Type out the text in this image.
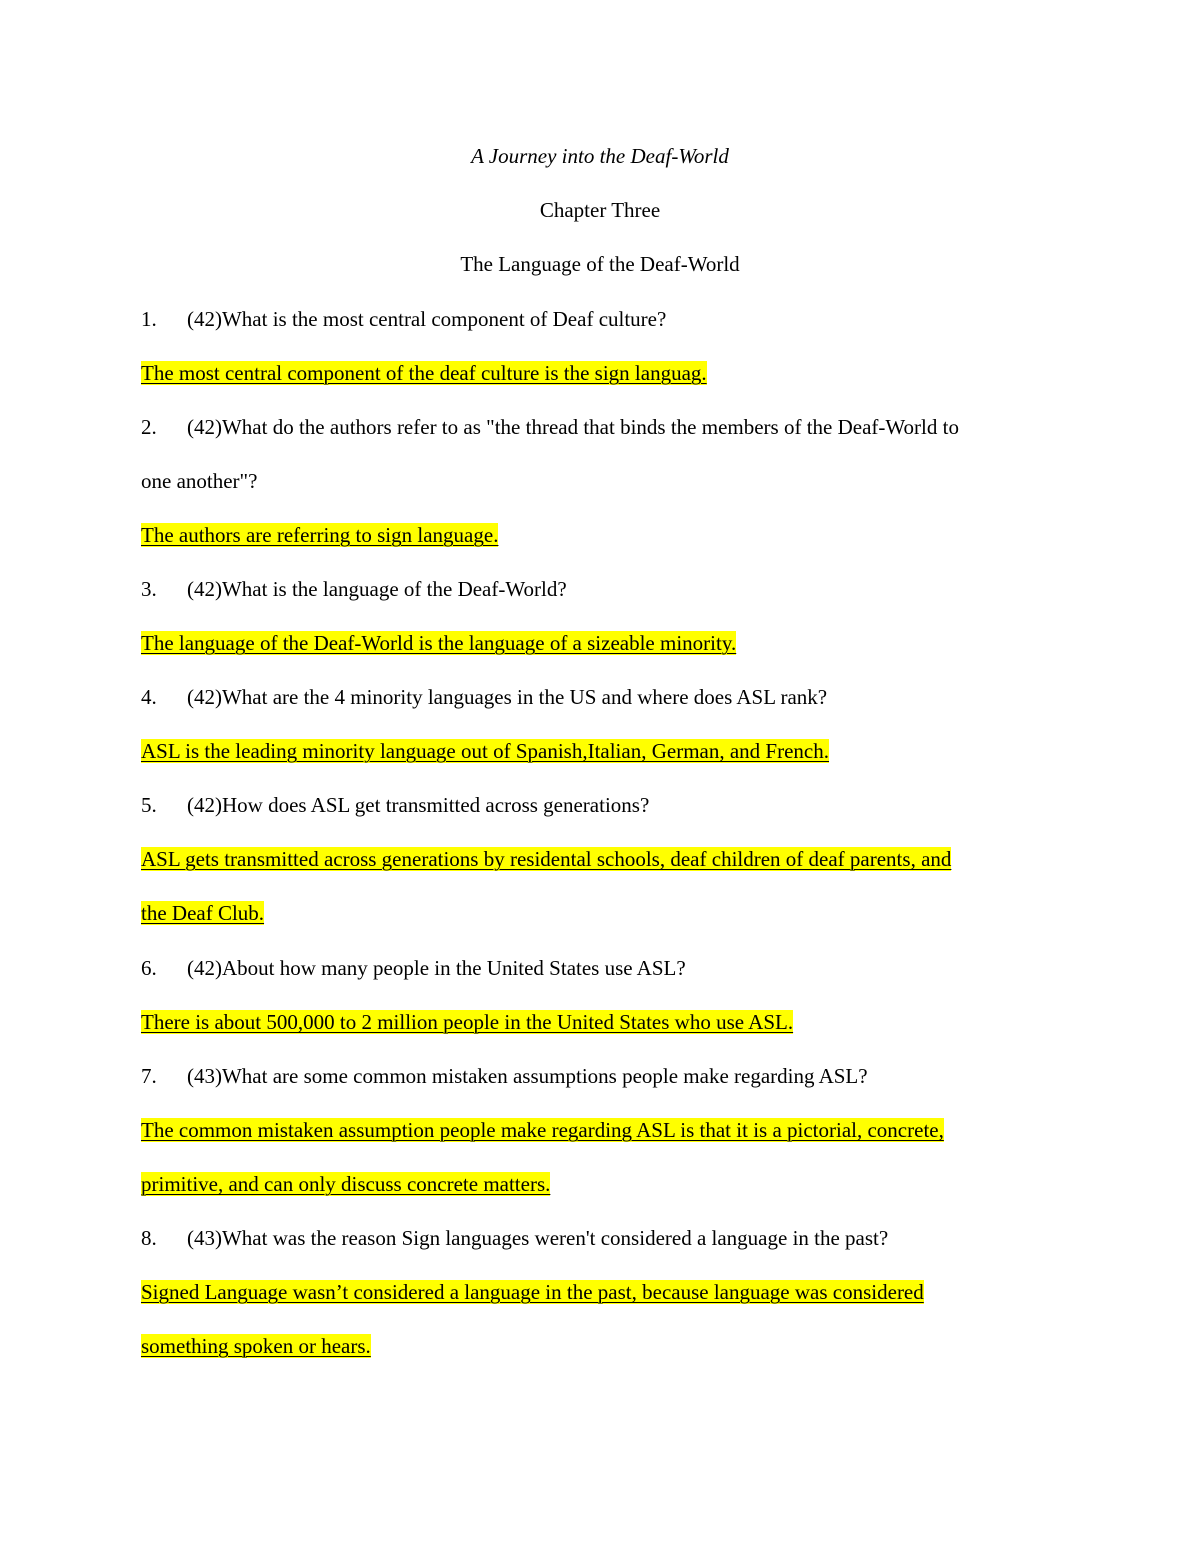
A Journey into the Deaf-World
Chapter Three
The Language of the Deaf-World
1. (42)What is the most central component of Deaf culture?
The most central component of the deaf culture is the sign languag.
2. (42)What do the authors refer to as "the thread that binds the members of the Deaf-World to
one another"?
The authors are referring to sign language.
3. (42)What is the language of the Deaf-World?
The language of the Deaf-World is the language of a sizeable minority.
4. (42)What are the 4 minority languages in the US and where does ASL rank?
ASL is the leading minority language out of Spanish,Italian, German, and French.
5. (42)How does ASL get transmitted across generations?
ASL gets transmitted across generations by residental schools, deaf children of deaf parents, and
the Deaf Club.
6. (42)About how many people in the United States use ASL?
There is about 500,000 to 2 million people in the United States who use ASL.
7. (43)What are some common mistaken assumptions people make regarding ASL?
The common mistaken assumption people make regarding ASL is that it is a pictorial, concrete,
primitive, and can only discuss concrete matters.
8. (43)What was the reason Sign languages weren't considered a language in the past?
Signed Language wasn’t considered a language in the past, because language was considered
something spoken or hears.
